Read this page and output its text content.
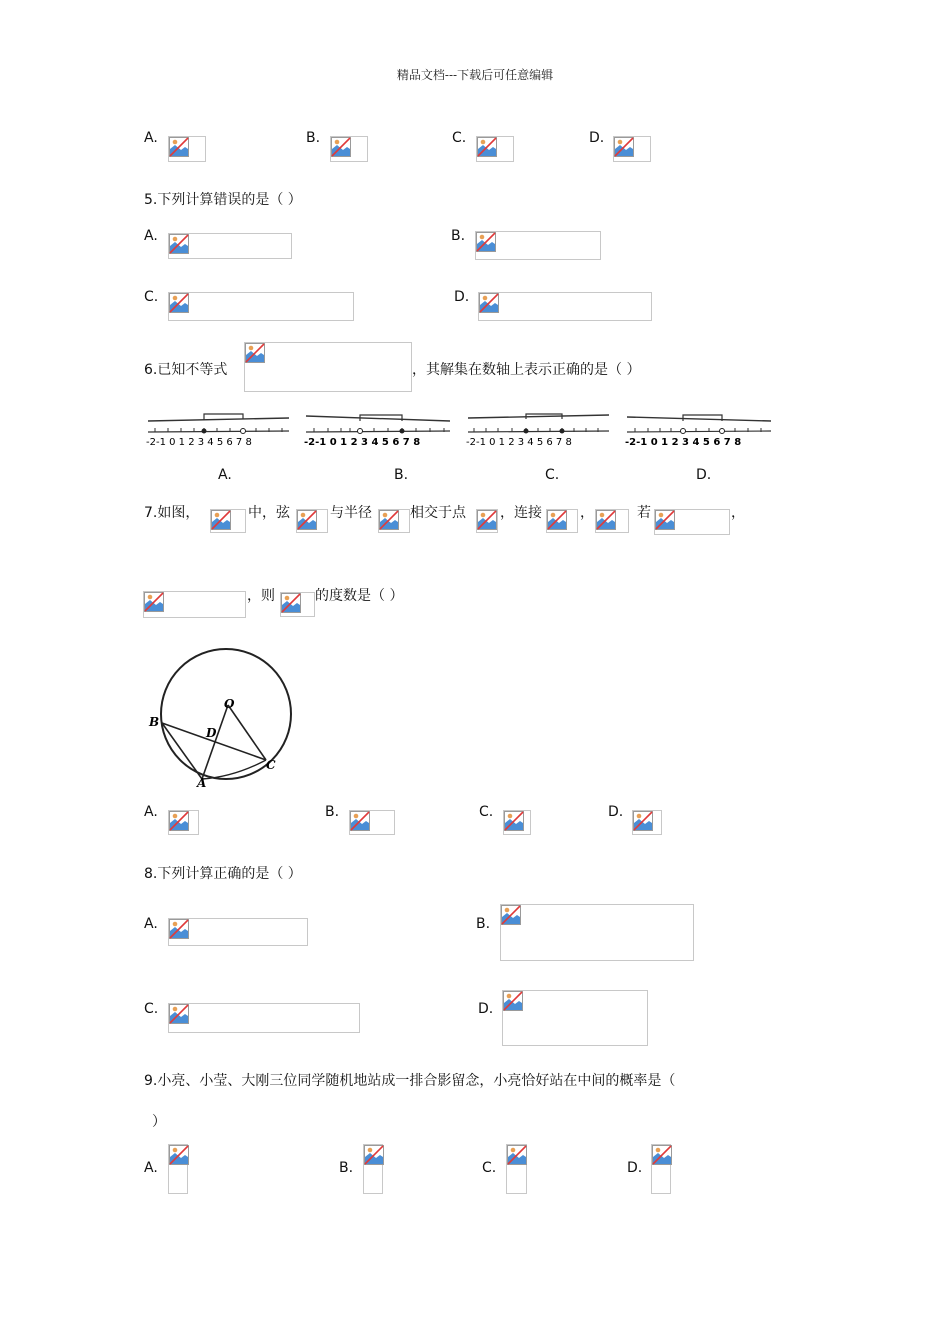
精品文档---下载后可任意编辑
A.	B.	C.	D.
5.下列计算错误的是（ ）
A.	B.
C.	D.
6.已知不等式	，其解集在数轴上表示正确的是（ ）
-2-1 0 1 2 3 4 5 6 7 8	-2-1 0 1 2 3 4 5 6 7 8	-2-1 0 1 2 3 4 5 6 7 8	-2-1 0 1 2 3 4 5 6 7 8
A.	B.	C.	D.
7.如图，	中，弦	与半径	相交于点 ，连接	，	若	，
，则	的度数是（ ）
O
B
D
A
C
A.	B.	C.	D.
8.下列计算正确的是（ ）
A.	B.
C.	D.
9.小亮、小莹、大刚三位同学随机地站成一排合影留念，小亮恰好站在中间的概率是（
）
A.	B.	C.	D.
